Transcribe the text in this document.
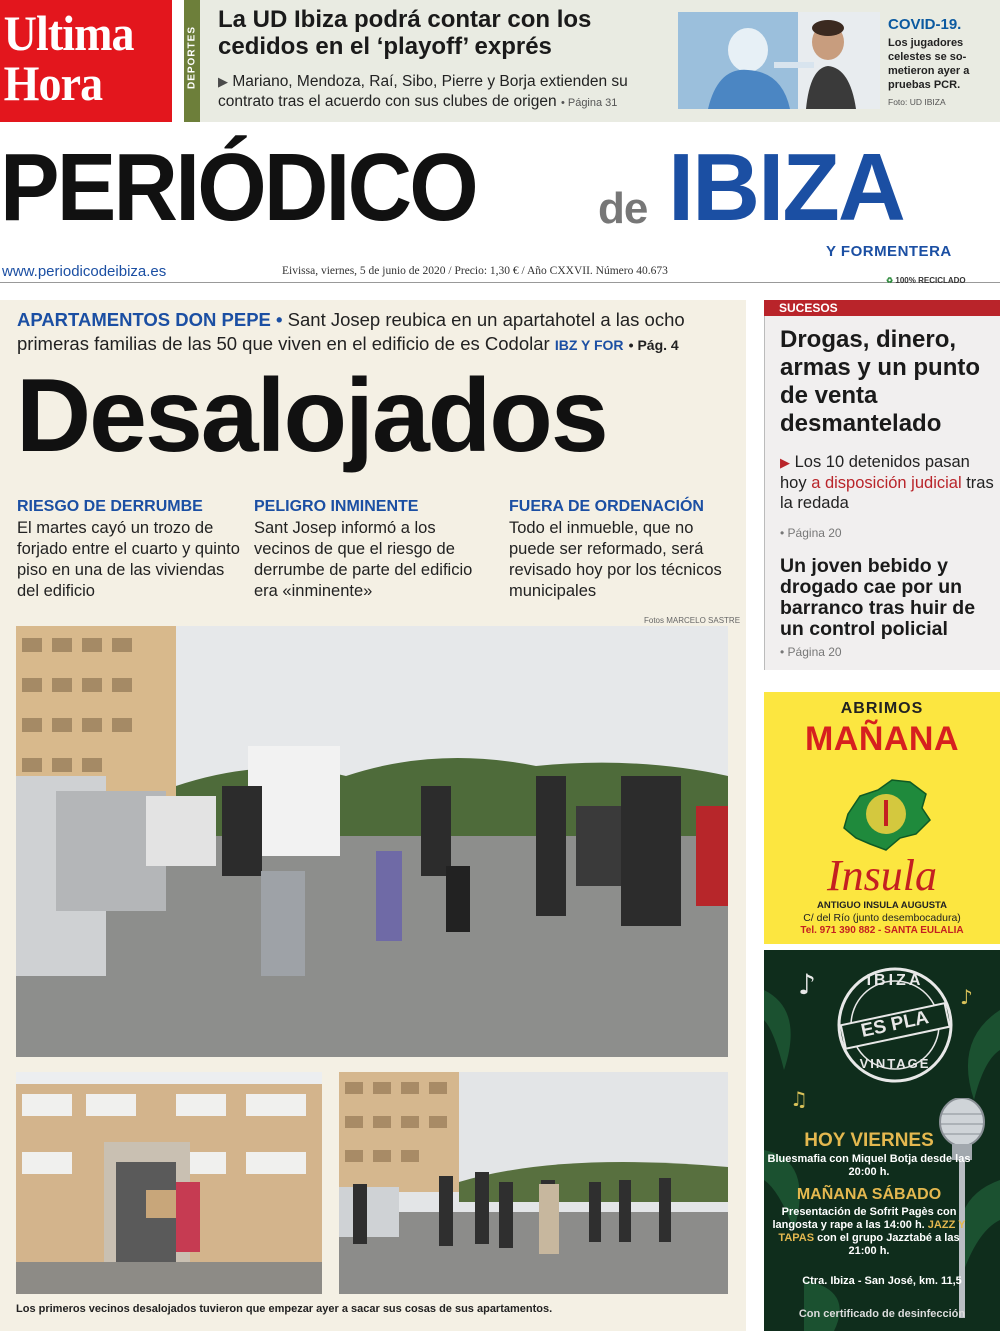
Ultima
Hora	DEPORTES
La UD Ibiza podrá contar con los cedidos en el ‘playoff’ exprés
▶ Mariano, Mendoza, Raí, Sibo, Pierre y Borja extienden su contrato tras el acuerdo con sus clubes de origen • Página 31
COVID-19.
Los jugadores celestes se so-metieron ayer a pruebas PCR.
Foto: UD IBIZA
PERIÓDICO	de IBIZA
Y FORMENTERA
www.periodicodeibiza.es	Eivissa, viernes, 5 de junio de 2020 / Precio: 1,30 € / Año CXXVII. Número 40.673
♻ 100% RECICLADO
APARTAMENTOS DON PEPE • Sant Josep reubica en un apartahotel a las ocho primeras familias de las 50 que viven en el edificio de es Codolar IBZ Y FOR • Pág. 4
Desalojados
RIESGO DE DERRUMBE
El martes cayó un trozo de forjado entre el cuarto y quinto piso en una de las viviendas del edificio
PELIGRO INMINENTE
Sant Josep informó a los vecinos de que el riesgo de derrumbe de parte del edificio era «inminente»
FUERA DE ORDENACIÓN
Todo el inmueble, que no puede ser reformado, será revisado hoy por los técnicos municipales
Fotos MARCELO SASTRE
Los primeros vecinos desalojados tuvieron que empezar ayer a sacar sus cosas de sus apartamentos.
SUCESOS
Drogas, dinero, armas y un punto de venta desmantelado
▶ Los 10 detenidos pasan hoy a disposición judicial tras la redada
• Página 20
Un joven bebido y drogado cae por un barranco tras huir de un control policial
• Página 20
ABRIMOS
MAÑANA
Insula
ANTIGUO INSULA AUGUSTA
C/ del Río (junto desembocadura)
Tel. 971 390 882 - SANTA EULALIA
♪	♪
♫
IBIZA
ES PLA
VINTAGE
HOY VIERNES
Bluesmafia con Miquel Botja desde las 20:00 h.
MAÑANA SÁBADO
Presentación de Sofrit Pagès con langosta y rape a las 14:00 h. JAZZ Y TAPAS con el grupo Jazztabé a las 21:00 h.
Ctra. Ibiza - San José, km. 11,5
Con certificado de desinfección
